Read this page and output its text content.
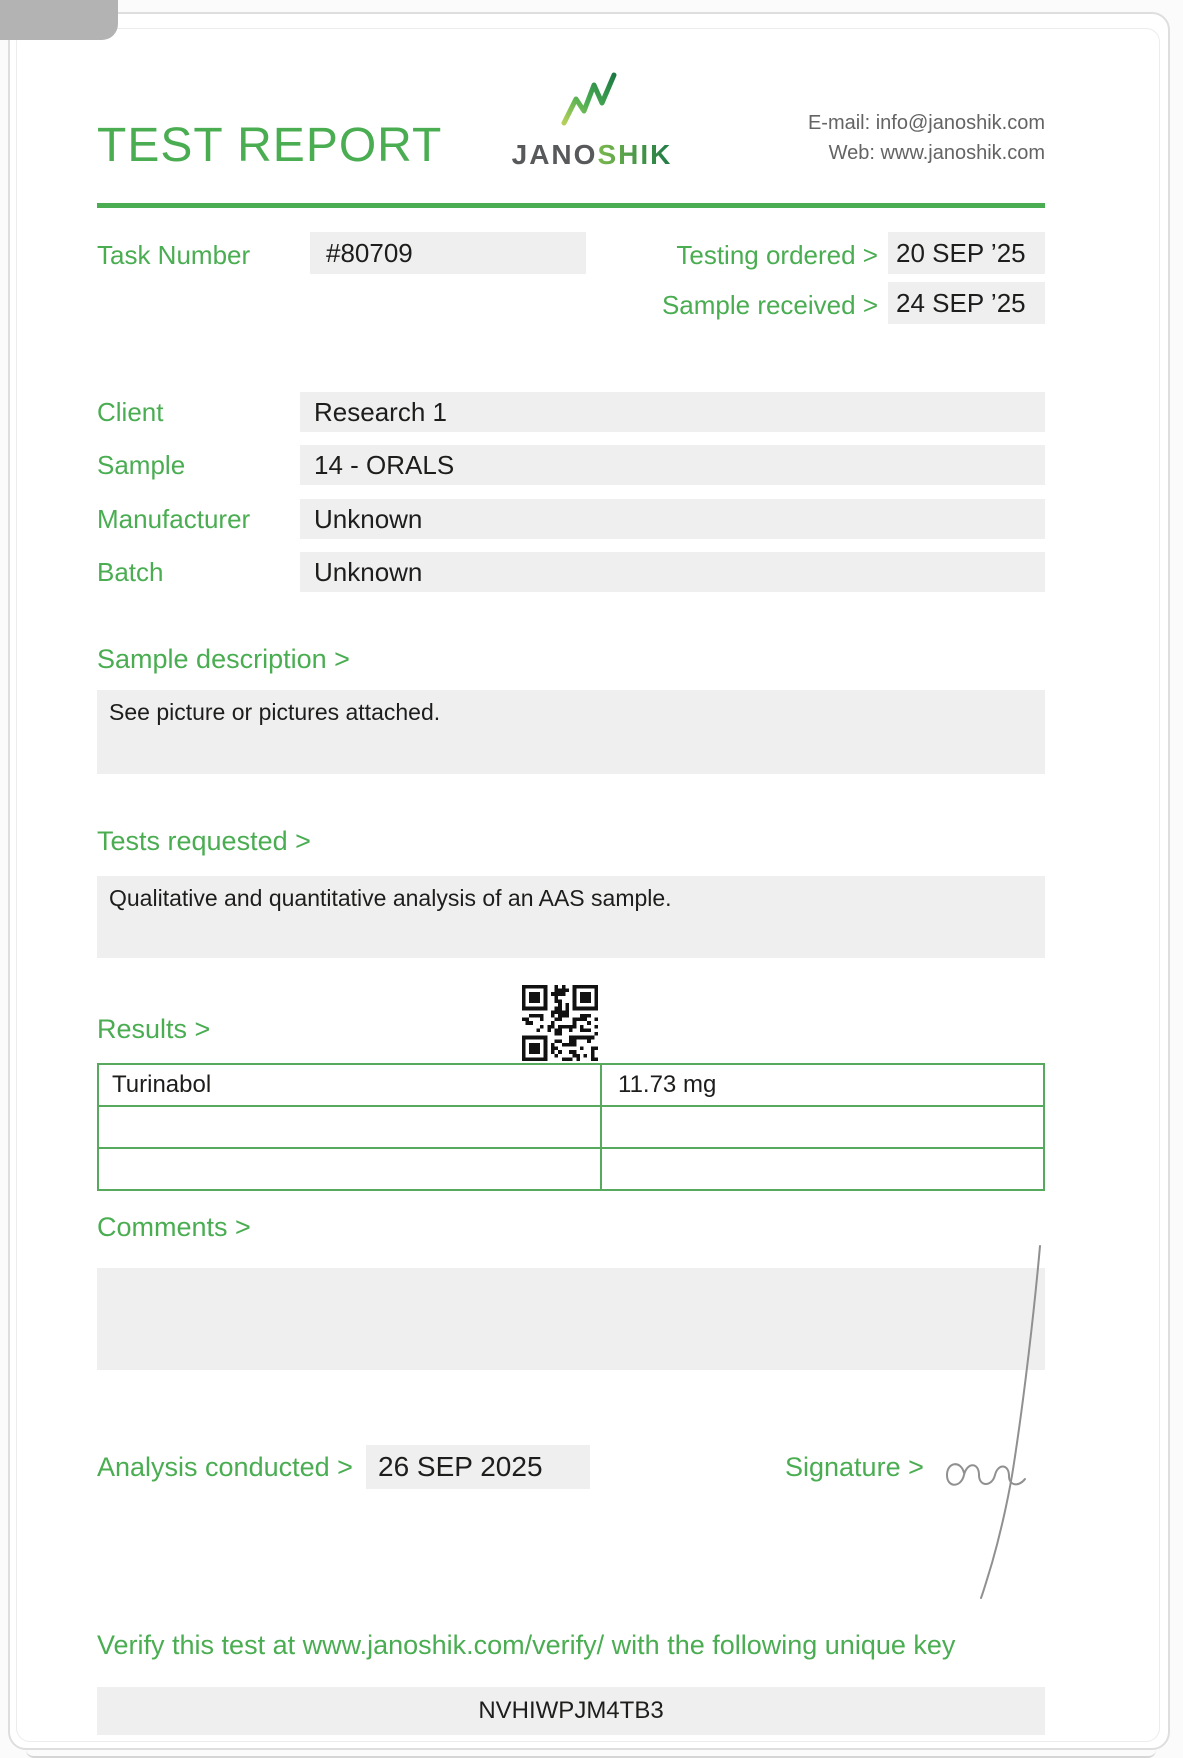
TEST REPORT JANOSHIK
E-mail: info@janoshik.com
Web: www.janoshik.com
Task Number	#80709	Testing ordered > 20 SEP ’25
Sample received > 24 SEP ’25
Client	Research 1
Sample	14 - ORALS
Manufacturer	Unknown
Batch	Unknown
Sample description >
See picture or pictures attached.
Tests requested >
Qualitative and quantitative analysis of an AAS sample.
Results >
Turinabol	11.73 mg
Comments >
Analysis conducted > 26 SEP 2025	Signature >
Verify this test at www.janoshik.com/verify/ with the following unique key
NVHIWPJM4TB3
